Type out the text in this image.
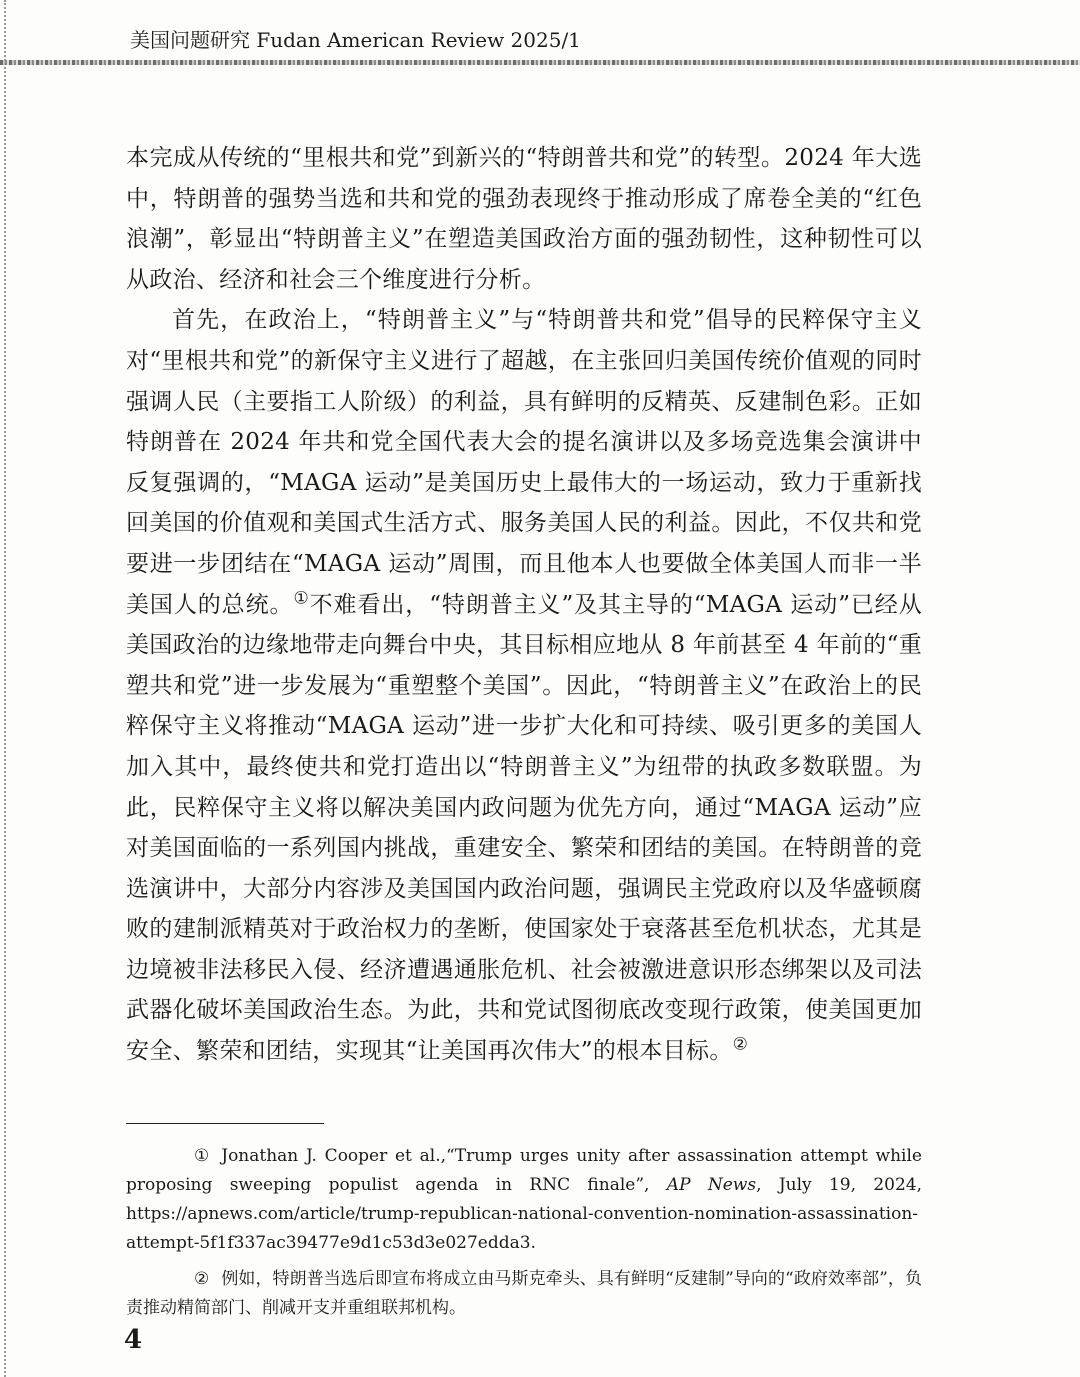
美国问题研究 Fudan American Review 2025/1

本完成从传统的“里根共和党”到新兴的“特朗普共和党”的转型。2024 年大选中，特朗普的强势当选和共和党的强劲表现终于推动形成了席卷全美的“红色浪潮”，彰显出“特朗普主义”在塑造美国政治方面的强劲韧性，这种韧性可以从政治、经济和社会三个维度进行分析。

首先，在政治上，“特朗普主义”与“特朗普共和党”倡导的民粹保守主义对“里根共和党”的新保守主义进行了超越，在主张回归美国传统价值观的同时强调人民（主要指工人阶级）的利益，具有鲜明的反精英、反建制色彩。正如特朗普在 2024 年共和党全国代表大会的提名演讲以及多场竞选集会演讲中反复强调的，“MAGA 运动”是美国历史上最伟大的一场运动，致力于重新找回美国的价值观和美国式生活方式、服务美国人民的利益。因此，不仅共和党要进一步团结在“MAGA 运动”周围，而且他本人也要做全体美国人而非一半美国人的总统。①不难看出，“特朗普主义”及其主导的“MAGA 运动”已经从美国政治的边缘地带走向舞台中央，其目标相应地从 8 年前甚至 4 年前的“重塑共和党”进一步发展为“重塑整个美国”。因此，“特朗普主义”在政治上的民粹保守主义将推动“MAGA 运动”进一步扩大化和可持续、吸引更多的美国人加入其中，最终使共和党打造出以“特朗普主义”为纽带的执政多数联盟。为此，民粹保守主义将以解决美国内政问题为优先方向，通过“MAGA 运动”应对美国面临的一系列国内挑战，重建安全、繁荣和团结的美国。在特朗普的竞选演讲中，大部分内容涉及美国国内政治问题，强调民主党政府以及华盛顿腐败的建制派精英对于政治权力的垄断，使国家处于衰落甚至危机状态，尤其是边境被非法移民入侵、经济遭遇通胀危机、社会被激进意识形态绑架以及司法武器化破坏美国政治生态。为此，共和党试图彻底改变现行政策，使美国更加安全、繁荣和团结，实现其“让美国再次伟大”的根本目标。②

① Jonathan J. Cooper et al.,“Trump urges unity after assassination attempt while proposing sweeping populist agenda in RNC finale”, AP News, July 19, 2024, https://apnews.com/article/trump-republican-national-convention-nomination-assassination-attempt-5f1f337ac39477e9d1c53d3e027edda3.

② 例如，特朗普当选后即宣布将成立由马斯克牵头、具有鲜明“反建制”导向的“政府效率部”，负责推动精简部门、削减开支并重组联邦机构。

4
